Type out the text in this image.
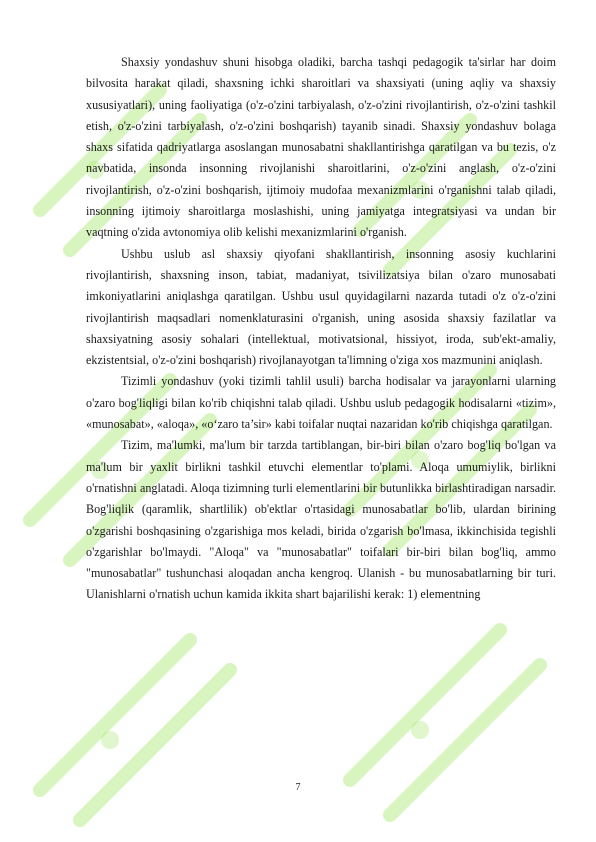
Shaxsiy yondashuv shuni hisobga oladiki, barcha tashqi pedagogik ta'sirlar har doim bilvosita harakat qiladi, shaxsning ichki sharoitlari va shaxsiyati (uning aqliy va shaxsiy xususiyatlari), uning faoliyatiga (o'z-o'zini tarbiyalash, o'z-o'zini rivojlantirish, o'z-o'zini tashkil etish, o'z-o'zini tarbiyalash, o'z-o'zini boshqarish) tayanib sinadi. Shaxsiy yondashuv bolaga shaxs sifatida qadriyatlarga asoslangan munosabatni shakllantirishga qaratilgan va bu tezis, o'z navbatida, insonda insonning rivojlanishi sharoitlarini, o'z-o'zini anglash, o'z-o'zini rivojlantirish, o'z-o'zini boshqarish, ijtimoiy mudofaa mexanizmlarini o'rganishni talab qiladi, insonning ijtimoiy sharoitlarga moslashishi, uning jamiyatga integratsiyasi va undan bir vaqtning o'zida avtonomiya olib kelishi mexanizmlarini o'rganish.

Ushbu uslub asl shaxsiy qiyofani shakllantirish, insonning asosiy kuchlarini rivojlantirish, shaxsning inson, tabiat, madaniyat, tsivilizatsiya bilan o'zaro munosabati imkoniyatlarini aniqlashga qaratilgan. Ushbu usul quyidagilarni nazarda tutadi o'z o'z-o'zini rivojlantirish maqsadlari nomenklaturasini o'rganish, uning asosida shaxsiy fazilatlar va shaxsiyatning asosiy sohalari (intellektual, motivatsional, hissiyot, iroda, sub'ekt-amaliy, ekzistentsial, o'z-o'zini boshqarish) rivojlanayotgan ta'limning o'ziga xos mazmunini aniqlash.

Tizimli yondashuv (yoki tizimli tahlil usuli) barcha hodisalar va jarayonlarni ularning o'zaro bog'liqligi bilan ko'rib chiqishni talab qiladi. Ushbu uslub pedagogik hodisalarni «tizim», «munosabat», «aloqa», «o‘zaro ta’sir» kabi toifalar nuqtai nazaridan ko'rib chiqishga qaratilgan.

Tizim, ma'lumki, ma'lum bir tarzda tartiblangan, bir-biri bilan o'zaro bog'liq bo'lgan va ma'lum bir yaxlit birlikni tashkil etuvchi elementlar to'plami. Aloqa umumiylik, birlikni o'rnatishni anglatadi. Aloqa tizimning turli elementlarini bir butunlikka birlashtiradigan narsadir. Bog'liqlik (qaramlik, shartlilik) ob'ektlar o'rtasidagi munosabatlar bo'lib, ulardan birining o'zgarishi boshqasining o'zgarishiga mos keladi, birida o'zgarish bo'lmasa, ikkinchisida tegishli o'zgarishlar bo'lmaydi. "Aloqa" va "munosabatlar" toifalari bir-biri bilan bog'liq, ammo "munosabatlar" tushunchasi aloqadan ancha kengroq. Ulanish - bu munosabatlarning bir turi. Ulanishlarni o'rnatish uchun kamida ikkita shart bajarilishi kerak: 1) elementning

7
